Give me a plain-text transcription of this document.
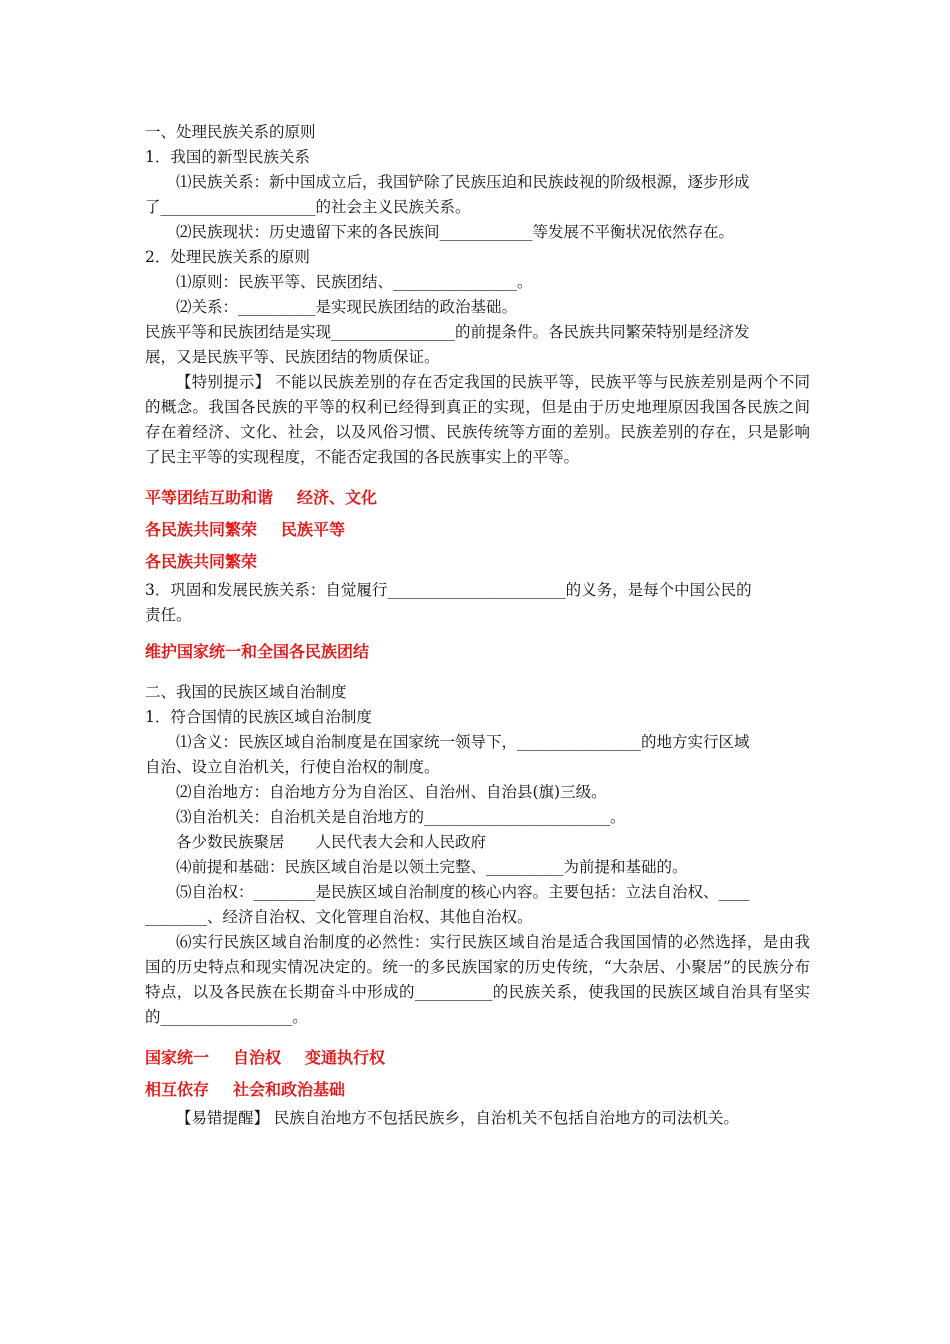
一、处理民族关系的原则
1．我国的新型民族关系
⑴民族关系：新中国成立后，我国铲除了民族压迫和民族歧视的阶级根源，逐步形成
了____________________的社会主义民族关系。
⑵民族现状：历史遗留下来的各民族间____________等发展不平衡状况依然存在。
2．处理民族关系的原则
⑴原则：民族平等、民族团结、________________。
⑵关系：__________是实现民族团结的政治基础。
民族平等和民族团结是实现________________的前提条件。各民族共同繁荣特别是经济发
展，又是民族平等、民族团结的物质保证。
【特别提示】 不能以民族差别的存在否定我国的民族平等，民族平等与民族差别是两个不同的概念。我国各民族的平等的权利已经得到真正的实现，但是由于历史地理原因我国各民族之间存在着经济、文化、社会，以及风俗习惯、民族传统等方面的差别。民族差别的存在，只是影响了民主平等的实现程度，不能否定我国的各民族事实上的平等。
平等团结互助和谐 经济、文化
各民族共同繁荣 民族平等
各民族共同繁荣
3．巩固和发展民族关系：自觉履行_______________________的义务，是每个中国公民的
责任。
维护国家统一和全国各民族团结
二、我国的民族区域自治制度
1．符合国情的民族区域自治制度
⑴含义：民族区域自治制度是在国家统一领导下，________________的地方实行区域
自治、设立自治机关，行使自治权的制度。
⑵自治地方：自治地方分为自治区、自治州、自治县(旗)三级。
⑶自治机关：自治机关是自治地方的________________________。
各少数民族聚居　　人民代表大会和人民政府
⑷前提和基础：民族区域自治是以领土完整、__________为前提和基础的。
⑸自治权：________是民族区域自治制度的核心内容。主要包括：立法自治权、____
________、经济自治权、文化管理自治权、其他自治权。
⑹实行民族区域自治制度的必然性：实行民族区域自治是适合我国国情的必然选择，是由我国的历史特点和现实情况决定的。统一的多民族国家的历史传统，“大杂居、小聚居”的民族分布特点，以及各民族在长期奋斗中形成的__________的民族关系，使我国的民族区域自治具有坚实的_________________。
国家统一 自治权 变通执行权
相互依存 社会和政治基础
【易错提醒】 民族自治地方不包括民族乡，自治机关不包括自治地方的司法机关。
